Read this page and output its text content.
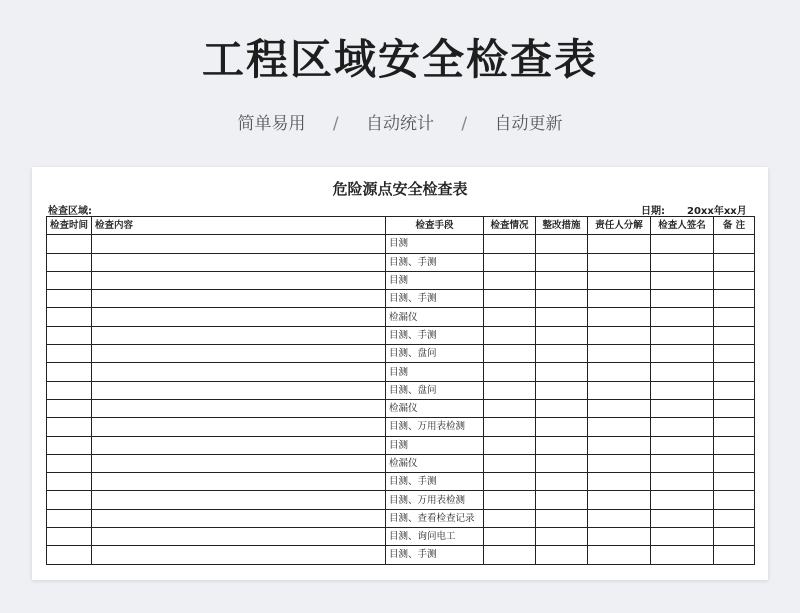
工程区域安全检查表
简单易用 / 自动统计 / 自动更新
危险源点安全检查表
检查区域:	日期: 20xx年xx月
检查时间	检查内容	检查手段	检查情况	整改措施	责任人分解	检查人签名	备 注
		目测					
		目测、手测					
		目测					
		目测、手测					
		检漏仪					
		目测、手测					
		目测、盘问					
		目测					
		目测、盘问					
		检漏仪					
		目测、万用表检测					
		目测					
		检漏仪					
		目测、手测					
		目测、万用表检测					
		目测、查看检查记录					
		目测、询问电工					
		目测、手测					
